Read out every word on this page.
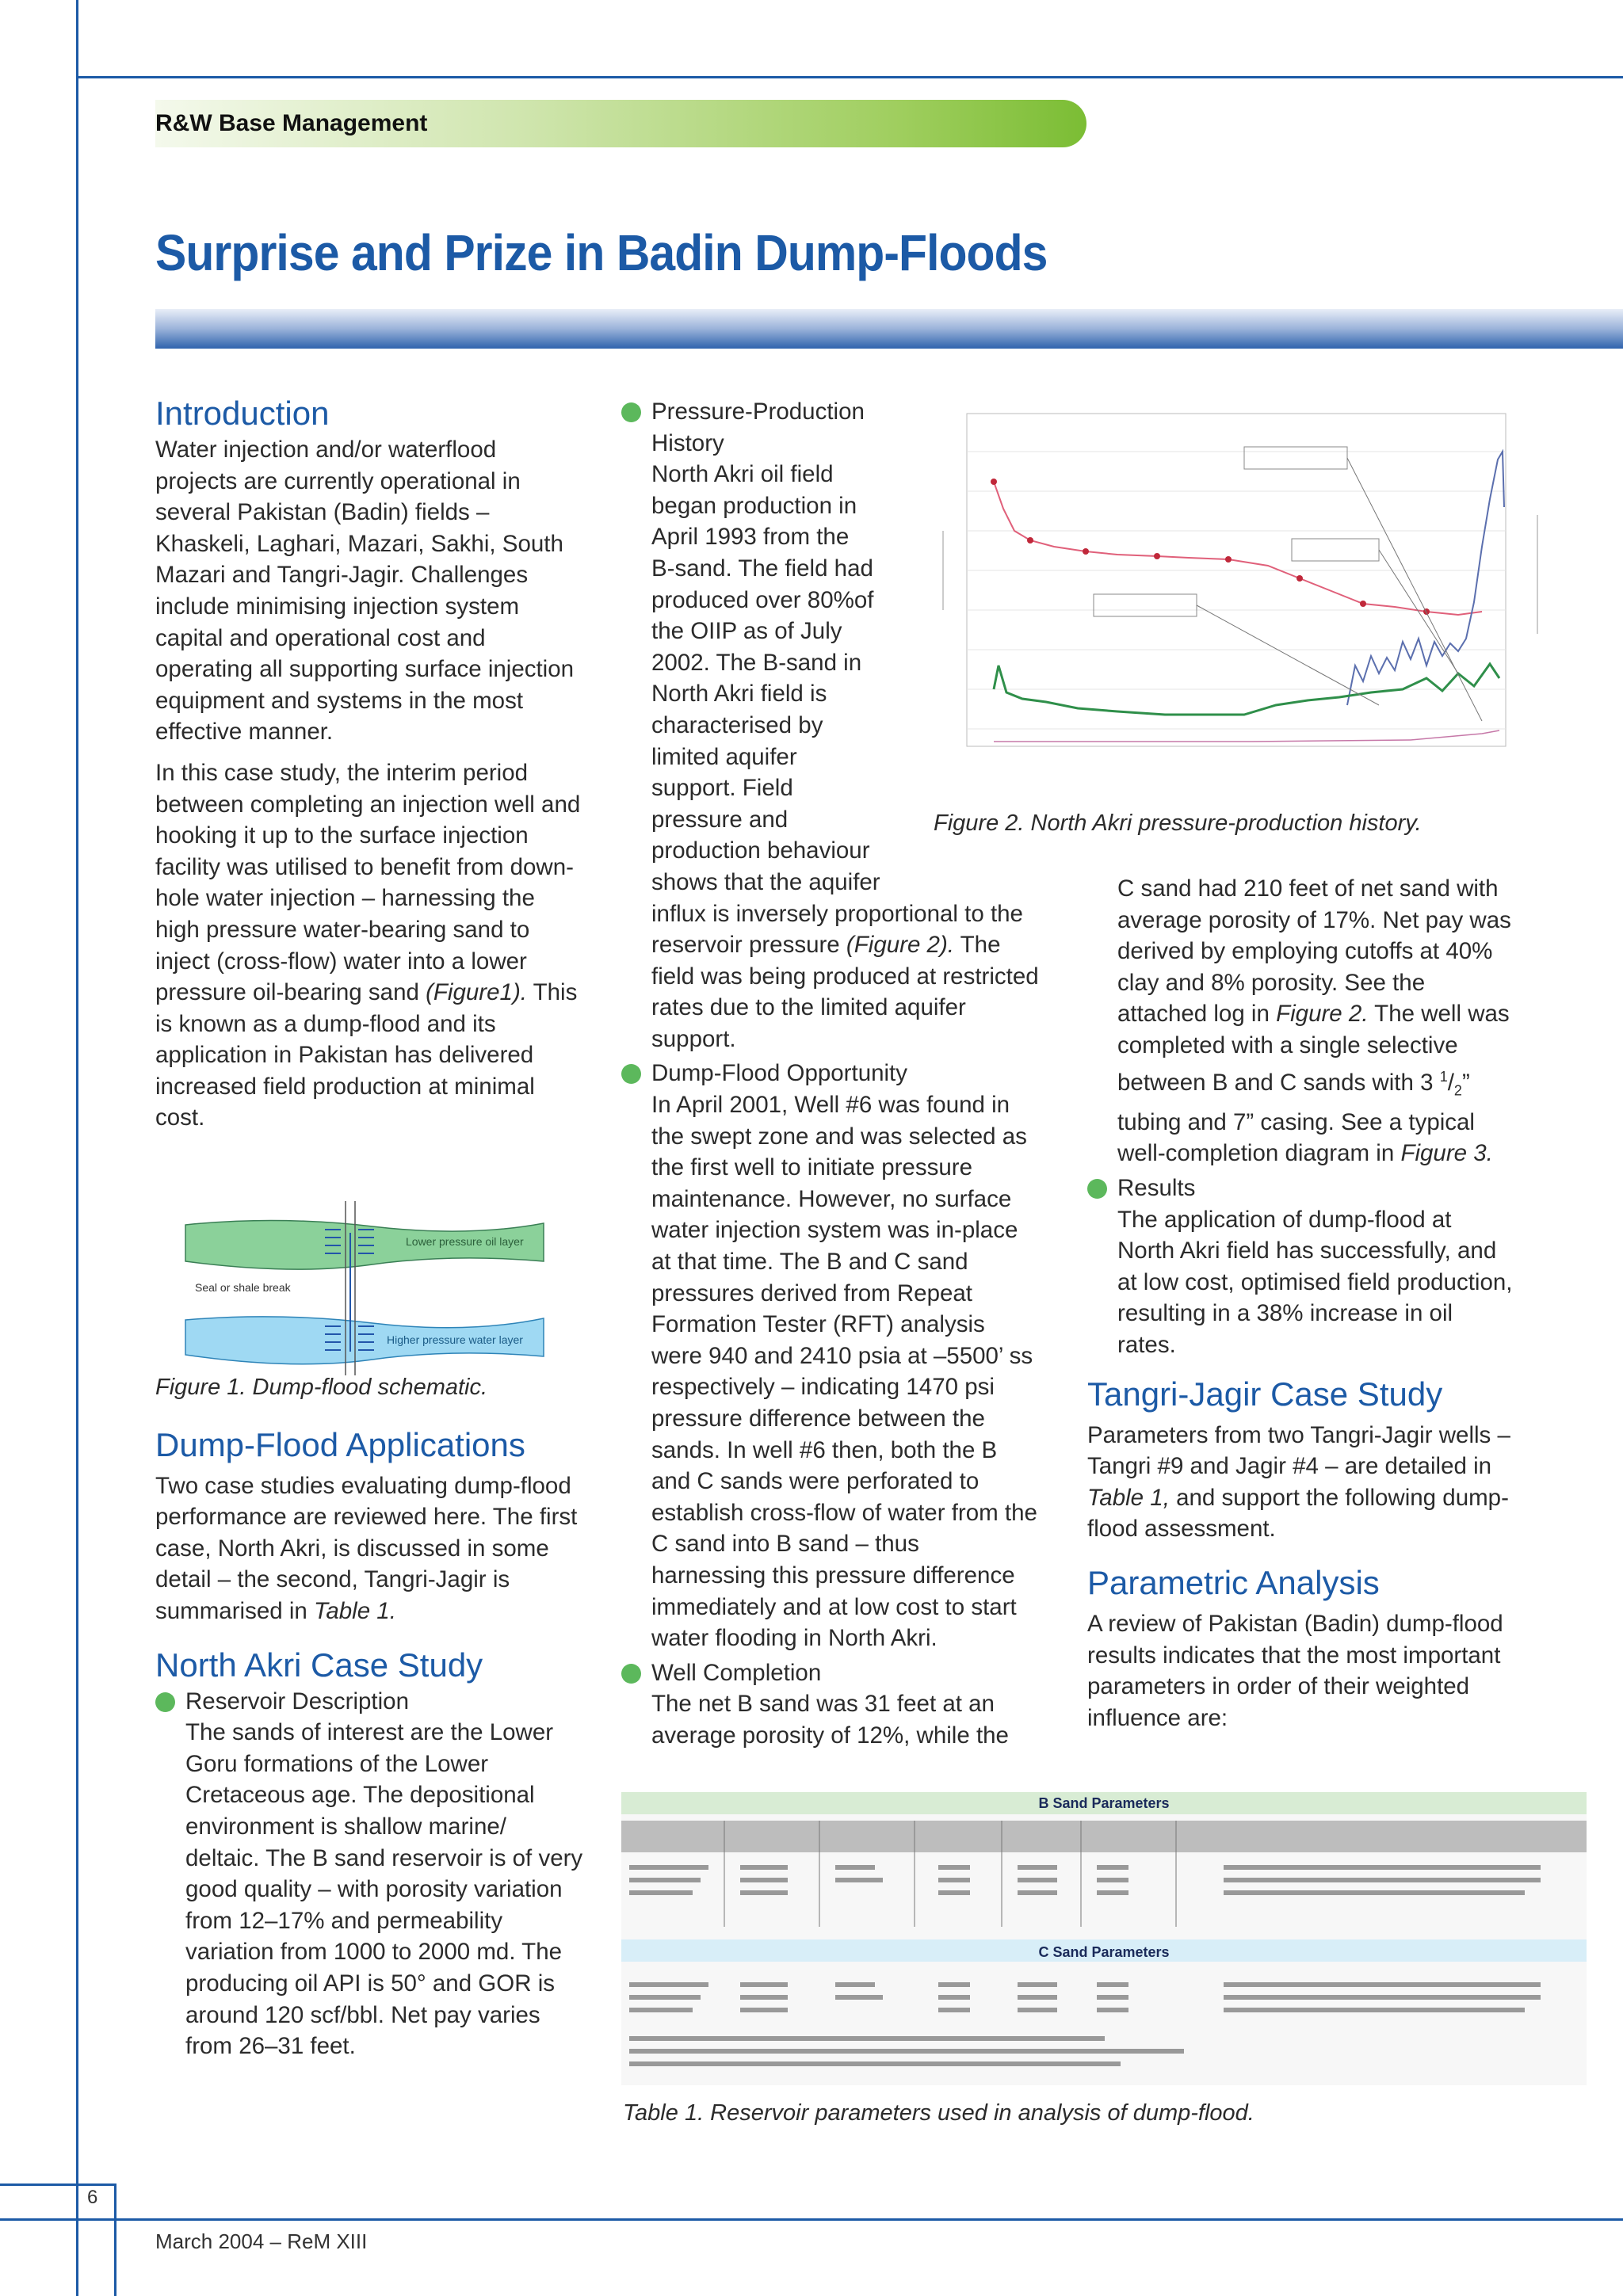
R&W Base Management
Surprise and Prize in Badin Dump-Floods
Introduction

Water injection and/or waterflood projects are currently operational in several Pakistan (Badin) fields – Khaskeli, Laghari, Mazari, Sakhi, South Mazari and Tangri-Jagir. Challenges include minimising injection system capital and operational cost and operating all supporting surface injection equipment and systems in the most effective manner.

In this case study, the interim period between completing an injection well and hooking it up to the surface injection facility was utilised to benefit from down-hole water injection – harnessing the high pressure water-bearing sand to inject (cross-flow) water into a lower pressure oil-bearing sand (Figure1). This is known as a dump-flood and its application in Pakistan has delivered increased field production at minimal cost.

Lower pressure oil layer
Seal or shale break
Higher pressure water layer

Figure 1. Dump-flood schematic.

Dump-Flood Applications

Two case studies evaluating dump-flood performance are reviewed here. The first case, North Akri, is discussed in some detail – the second, Tangri-Jagir is summarised in Table 1.

North Akri Case Study
Reservoir Description

The sands of interest are the Lower Goru formations of the Lower Cretaceous age. The depositional environment is shallow marine/ deltaic. The B sand reservoir is of very good quality – with porosity variation from 12–17% and permeability variation from 1000 to 2000 md. The producing oil API is 50° and GOR is around 120 scf/bbl. Net pay varies from 26–31 feet.

Pressure-Production
History
North Akri oil field
began production in
April 1993 from the
B-sand. The field had
produced over 80%of
the OIIP as of July
2002. The B-sand in
North Akri field is
characterised by
limited aquifer
support. Field
pressure and
production behaviour
shows that the aquifer

influx is inversely proportional to the reservoir pressure (Figure 2). The field was being produced at restricted rates due to the limited aquifer support.

Dump-Flood Opportunity

In April 2001, Well #6 was found in the swept zone and was selected as the first well to initiate pressure maintenance. However, no surface water injection system was in-place at that time. The B and C sand pressures derived from Repeat Formation Tester (RFT) analysis were 940 and 2410 psia at –5500’ ss respectively – indicating 1470 psi pressure difference between the sands. In well #6 then, both the B and C sands were perforated to establish cross-flow of water from the C sand into B sand – thus harnessing this pressure difference immediately and at low cost to start water flooding in North Akri.

Well Completion

The net B sand was 31 feet at an average porosity of 12%, while the

Figure 2. North Akri pressure-production history.

C sand had 210 feet of net sand with average porosity of 17%. Net pay was derived by employing cutoffs at 40% clay and 8% porosity. See the attached log in Figure 2. The well was completed with a single selective between B and C sands with 3 $^1/_2$” tubing and 7” casing. See a typical well-completion diagram in Figure 3.

Results

The application of dump-flood at North Akri field has successfully, and at low cost, optimised field production, resulting in a 38% increase in oil rates.

Tangri-Jagir Case Study

Parameters from two Tangri-Jagir wells – Tangri #9 and Jagir #4 – are detailed in Table 1, and support the following dump-flood assessment.

Parametric Analysis

A review of Pakistan (Badin) dump-flood results indicates that the most important parameters in order of their weighted influence are:

B Sand Parameters
C Sand Parameters
Table 1. Reservoir parameters used in analysis of dump-flood.
6
March 2004 – ReM XIII
